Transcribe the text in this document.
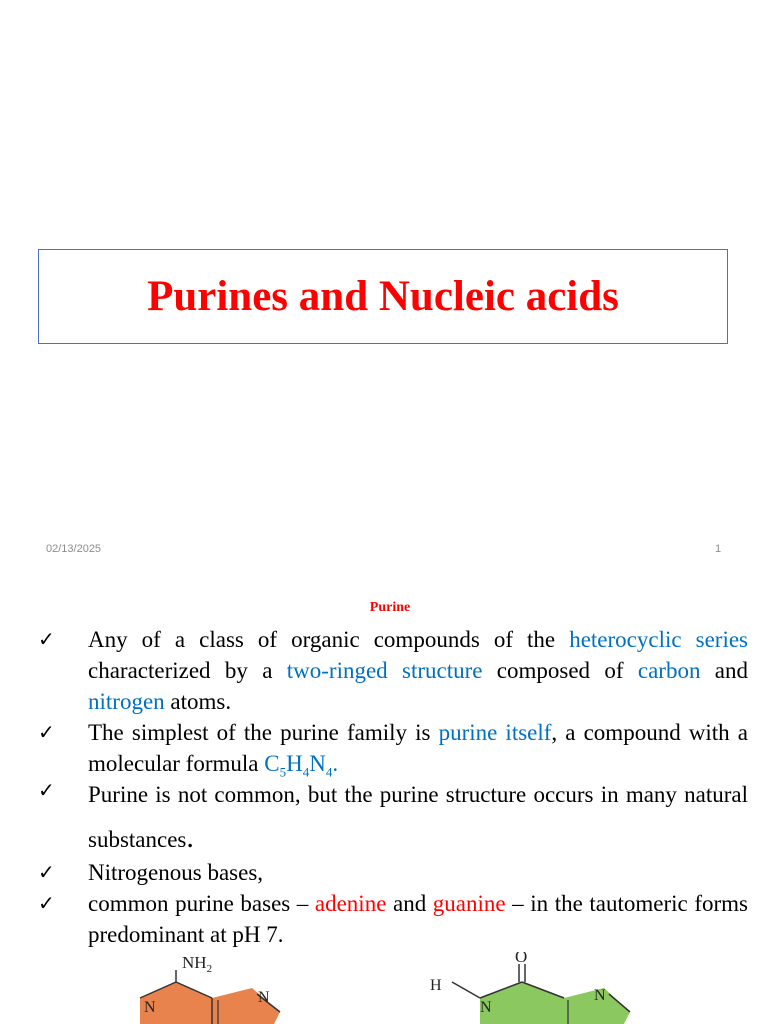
Purines and Nucleic acids
02/13/2025	1
Purine
✓ Any of a class of organic compounds of the heterocyclic series characterized by a two-ringed structure composed of carbon and nitrogen atoms.
✓ The simplest of the purine family is purine itself, a compound with a molecular formula $C_5H_4N_4$.
✓ Purine is not common, but the purine structure occurs in many natural substances.
✓ Nitrogenous bases,
✓ common purine bases – adenine and guanine – in the tautomeric forms predominant at pH 7.
$NH_2$
N
N
H
N
O
N
